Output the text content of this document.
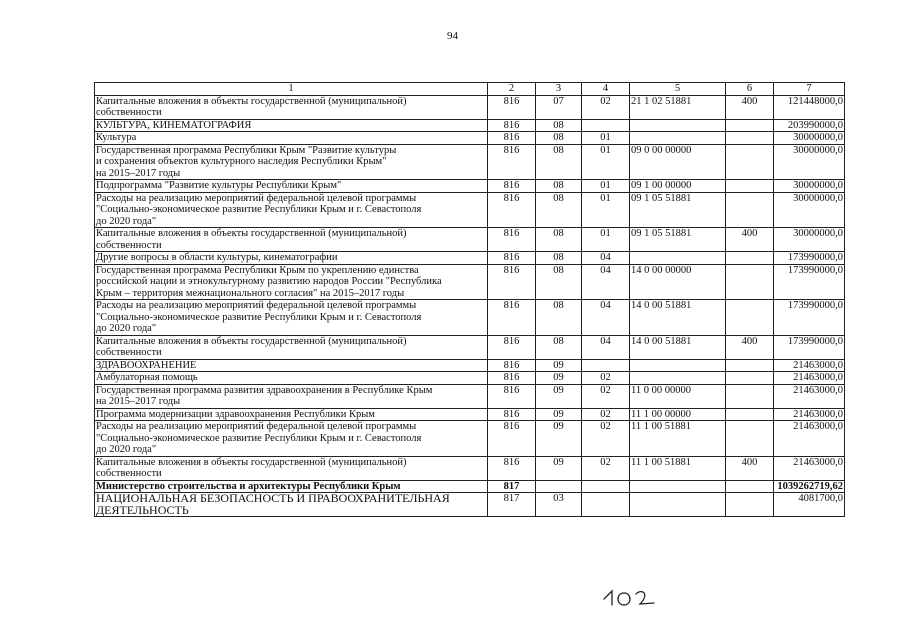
94
1	2	3	4	5	6	7

Капитальные вложения в объекты государственной (муниципальной)
собственности	816	07	02	21 1 02 51881	400	121448000,0

КУЛЬТУРА, КИНЕМАТОГРАФИЯ	816	08				203990000,0

Культура	816	08	01			30000000,0

Государственная программа Республики Крым "Развитие культуры
и сохранения объектов культурного наследия Республики Крым"
на 2015–2017 годы	816	08	01	09 0 00 00000		30000000,0

Подпрограмма "Развитие культуры Республики Крым"	816	08	01	09 1 00 00000		30000000,0

Расходы на реализацию мероприятий федеральной целевой программы
"Социально-экономическое развитие Республики Крым и г. Севастополя
до 2020 года"	816	08	01	09 1 05 51881		30000000,0

Капитальные вложения в объекты государственной (муниципальной)
собственности	816	08	01	09 1 05 51881	400	30000000,0

Другие вопросы в области культуры, кинематографии	816	08	04			173990000,0

Государственная программа Республики Крым по укреплению единства
российской нации и этнокультурному развитию народов России "Республика
Крым – территория межнационального согласия" на 2015–2017 годы	816	08	04	14 0 00 00000		173990000,0

Расходы на реализацию мероприятий федеральной целевой программы
"Социально-экономическое развитие Республики Крым и г. Севастополя
до 2020 года"	816	08	04	14 0 00 51881		173990000,0

Капитальные вложения в объекты государственной (муниципальной)
собственности	816	08	04	14 0 00 51881	400	173990000,0

ЗДРАВООХРАНЕНИЕ	816	09				21463000,0

Амбулаторная помощь	816	09	02			21463000,0

Государственная программа развития здравоохранения в Республике Крым
на 2015–2017 годы	816	09	02	11 0 00 00000		21463000,0

Программа модернизации здравоохранения Республики Крым	816	09	02	11 1 00 00000		21463000,0

Расходы на реализацию мероприятий федеральной целевой программы
"Социально-экономическое развитие Республики Крым и г. Севастополя
до 2020 года"	816	09	02	11 1 00 51881		21463000,0

Капитальные вложения в объекты государственной (муниципальной)
собственности	816	09	02	11 1 00 51881	400	21463000,0

Министерство строительства и архитектуры Республики Крым	817					1039262719,62

НАЦИОНАЛЬНАЯ БЕЗОПАСНОСТЬ И ПРАВООХРАНИТЕЛЬНАЯ
ДЕЯТЕЛЬНОСТЬ	817	03				4081700,0
